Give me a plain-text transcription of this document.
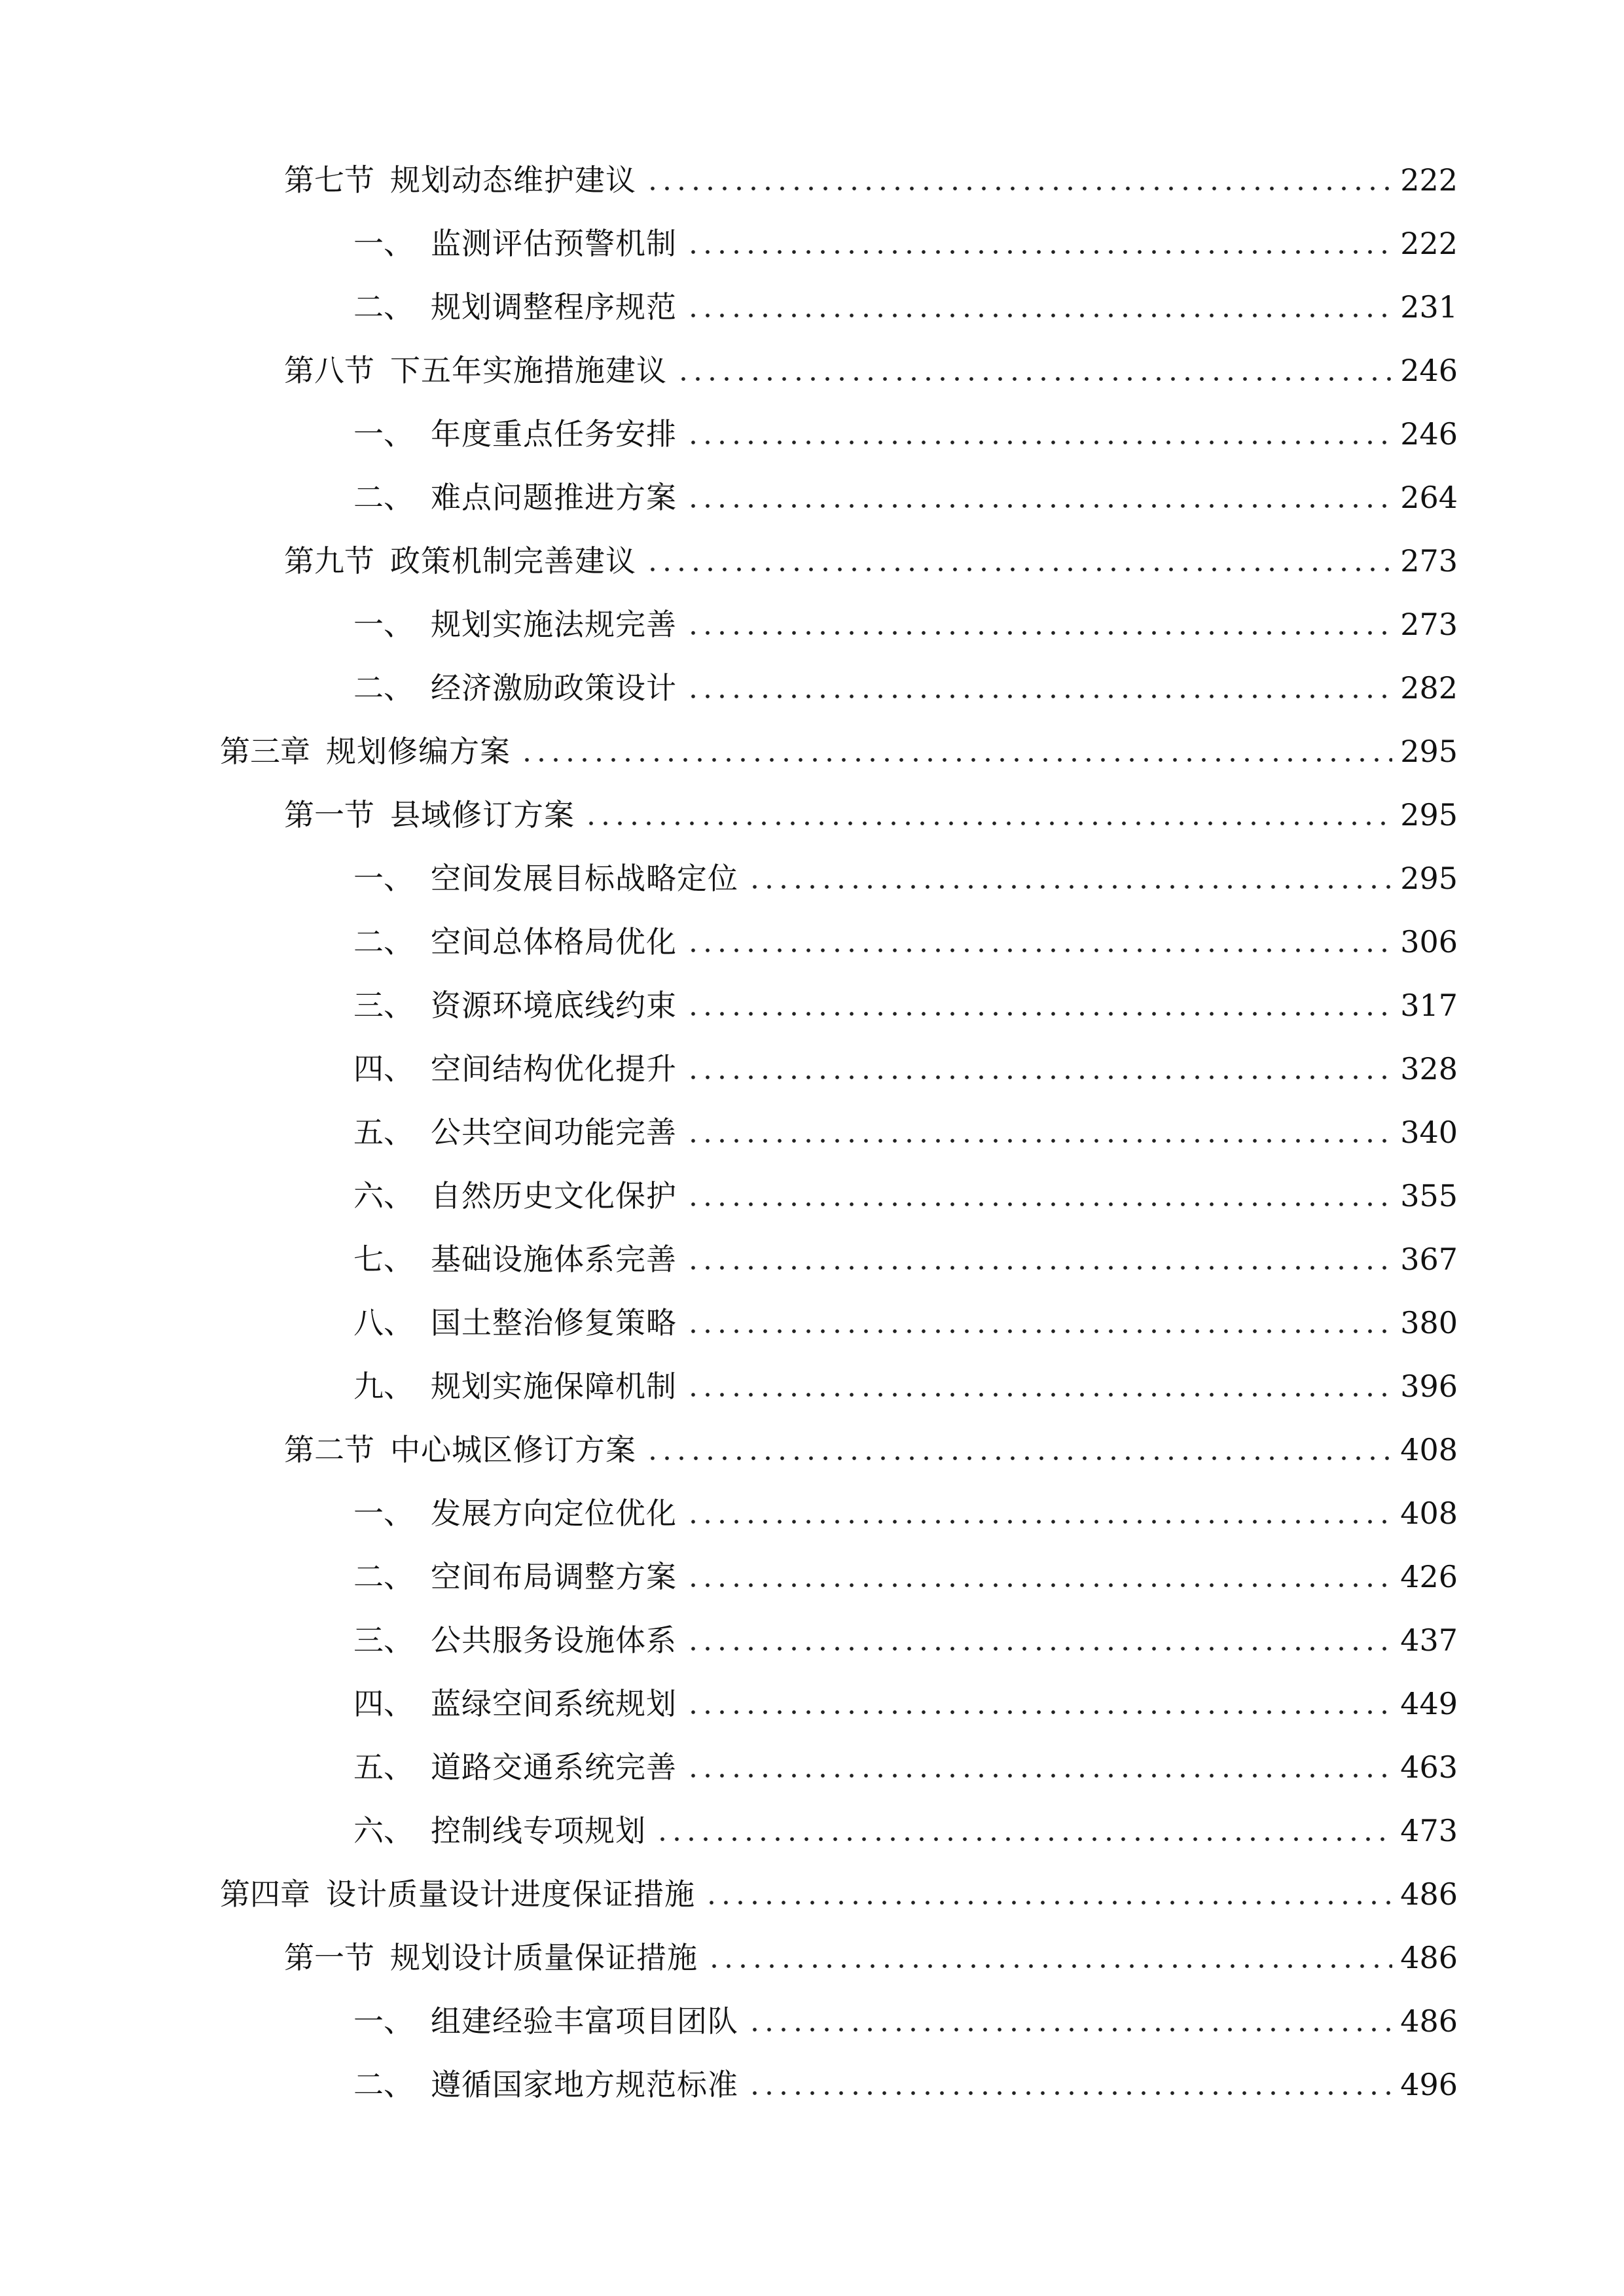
第七节 规划动态维护建议	222
一、 监测评估预警机制	222
二、 规划调整程序规范	231
第八节 下五年实施措施建议	246
一、 年度重点任务安排	246
二、 难点问题推进方案	264
第九节 政策机制完善建议	273
一、 规划实施法规完善	273
二、 经济激励政策设计	282
第三章 规划修编方案	295
第一节 县域修订方案	295
一、 空间发展目标战略定位	295
二、 空间总体格局优化	306
三、 资源环境底线约束	317
四、 空间结构优化提升	328
五、 公共空间功能完善	340
六、 自然历史文化保护	355
七、 基础设施体系完善	367
八、 国土整治修复策略	380
九、 规划实施保障机制	396
第二节 中心城区修订方案	408
一、 发展方向定位优化	408
二、 空间布局调整方案	426
三、 公共服务设施体系	437
四、 蓝绿空间系统规划	449
五、 道路交通系统完善	463
六、 控制线专项规划	473
第四章 设计质量设计进度保证措施	486
第一节 规划设计质量保证措施	486
一、 组建经验丰富项目团队	486
二、 遵循国家地方规范标准	496
